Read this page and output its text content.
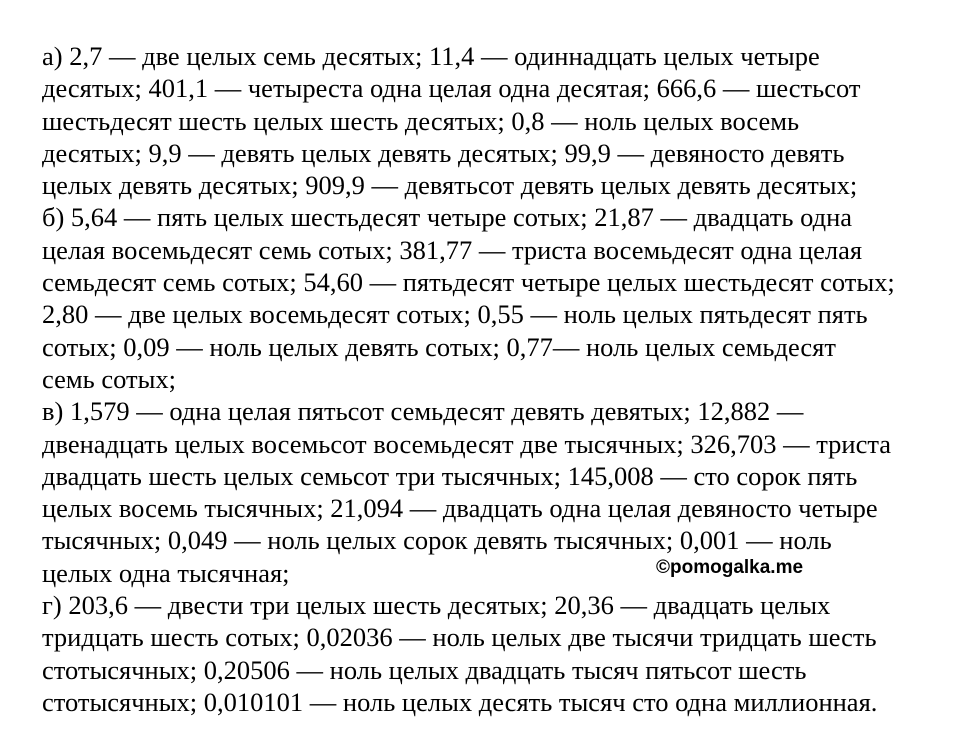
а) 2,7 — две целых семь десятых; 11,4 — одиннадцать целых четыре

десятых; 401,1 — четыреста одна целая одна десятая; 666,6 — шестьсот

шестьдесят шесть целых шесть десятых; 0,8 — ноль целых восемь

десятых; 9,9 — девять целых девять десятых; 99,9 — девяносто девять

целых девять десятых; 909,9 — девятьсот девять целых девять десятых;

б) 5,64 — пять целых шестьдесят четыре сотых; 21,87 — двадцать одна

целая восемьдесят семь сотых; 381,77 — триста восемьдесят одна целая

семьдесят семь сотых; 54,60 — пятьдесят четыре целых шестьдесят сотых;

2,80 — две целых восемьдесят сотых; 0,55 — ноль целых пятьдесят пять

сотых; 0,09 — ноль целых девять сотых; 0,77— ноль целых семьдесят

семь сотых;

в) 1,579 — одна целая пятьсот семьдесят девять девятых; 12,882 —

двенадцать целых восемьсот восемьдесят две тысячных; 326,703 — триста

двадцать шесть целых семьсот три тысячных; 145,008 — сто сорок пять

целых восемь тысячных; 21,094 — двадцать одна целая девяносто четыре

тысячных; 0,049 — ноль целых сорок девять тысячных; 0,001 — ноль

целых одна тысячная;

г) 203,6 — двести три целых шесть десятых; 20,36 — двадцать целых

тридцать шесть сотых; 0,02036 — ноль целых две тысячи тридцать шесть

стотысячных; 0,20506 — ноль целых двадцать тысяч пятьсот шесть

стотысячных; 0,010101 — ноль целых десять тысяч сто одна миллионная.

©pomogalka.me
